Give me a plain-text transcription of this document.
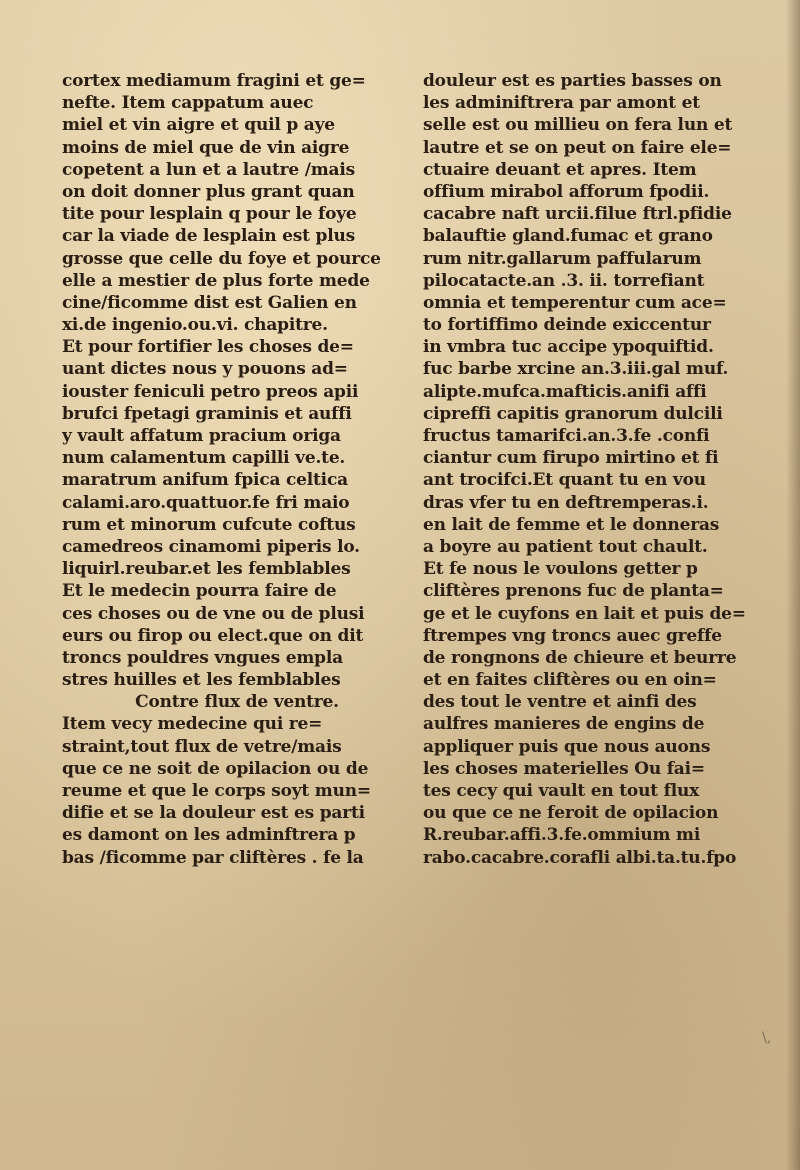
cortex mediamum fragini et ge=
nefte. Item cappatum auec
miel et vin aigre et quil p aye
moins de miel que de vin aigre
copetent a lun et a lautre /mais
on doit donner plus grant quan
tite pour lesplain q pour le foye
car la viade de lesplain est plus
grosse que celle du foye et pource
elle a mestier de plus forte mede
cine/ficomme dist est Galien en
xi.de ingenio.ou.vi. chapitre.
Et pour fortifier les choses de=
uant dictes nous y pouons ad=
iouster feniculi petro preos apii
brufci fpetagi graminis et auffi
y vault affatum pracium origa
num calamentum capilli ve.te.
maratrum anifum fpica celtica
calami.aro.quattuor.fe fri maio
rum et minorum cufcute coftus
camedreos cinamomi piperis lo.
liquirl.reubar.et les femblables
Et le medecin pourra faire de
ces choses ou de vne ou de plusi
eurs ou firop ou elect.que on dit
troncs pouldres vngues empla
stres huilles et les femblables
Contre flux de ventre.
Item vecy medecine qui re=
straint,tout flux de vetre/mais
que ce ne soit de opilacion ou de
reume et que le corps soyt mun=
difie et se la douleur est es parti
es damont on les adminftrera p
bas /ficomme par cliftères . fe la
douleur est es parties basses on
les adminiftrera par amont et
selle est ou millieu on fera lun et
lautre et se on peut on faire ele=
ctuaire deuant et apres. Item
offium mirabol afforum fpodii.
cacabre naft urcii.filue ftrl.pfidie
balauftie gland.fumac et grano
rum nitr.gallarum paffularum
pilocatacte.an .3. ii. torrefiant
omnia et temperentur cum ace=
to fortiffimo deinde exiccentur
in vmbra tuc accipe ypoquiftid.
fuc barbe xrcine an.3.iii.gal muf.
alipte.mufca.mafticis.anifi affi
cipreffi capitis granorum dulcili
fructus tamarifci.an.3.fe .confi
ciantur cum firupo mirtino et fi
ant trocifci.Et quant tu en vou
dras vfer tu en deftremperas.i.
en lait de femme et le donneras
a boyre au patient tout chault.
Et fe nous le voulons getter p
cliftères prenons fuc de planta=
ge et le cuyfons en lait et puis de=
ftrempes vng troncs auec greffe
de rongnons de chieure et beurre
et en faites cliftères ou en oin=
des tout le ventre et ainfi des
aulfres manieres de engins de
appliquer puis que nous auons
les choses materielles Ou fai=
tes cecy qui vault en tout flux
ou que ce ne feroit de opilacion
R.reubar.affi.3.fe.ommium mi
rabo.cacabre.corafli albi.ta.tu.fpo
\,
